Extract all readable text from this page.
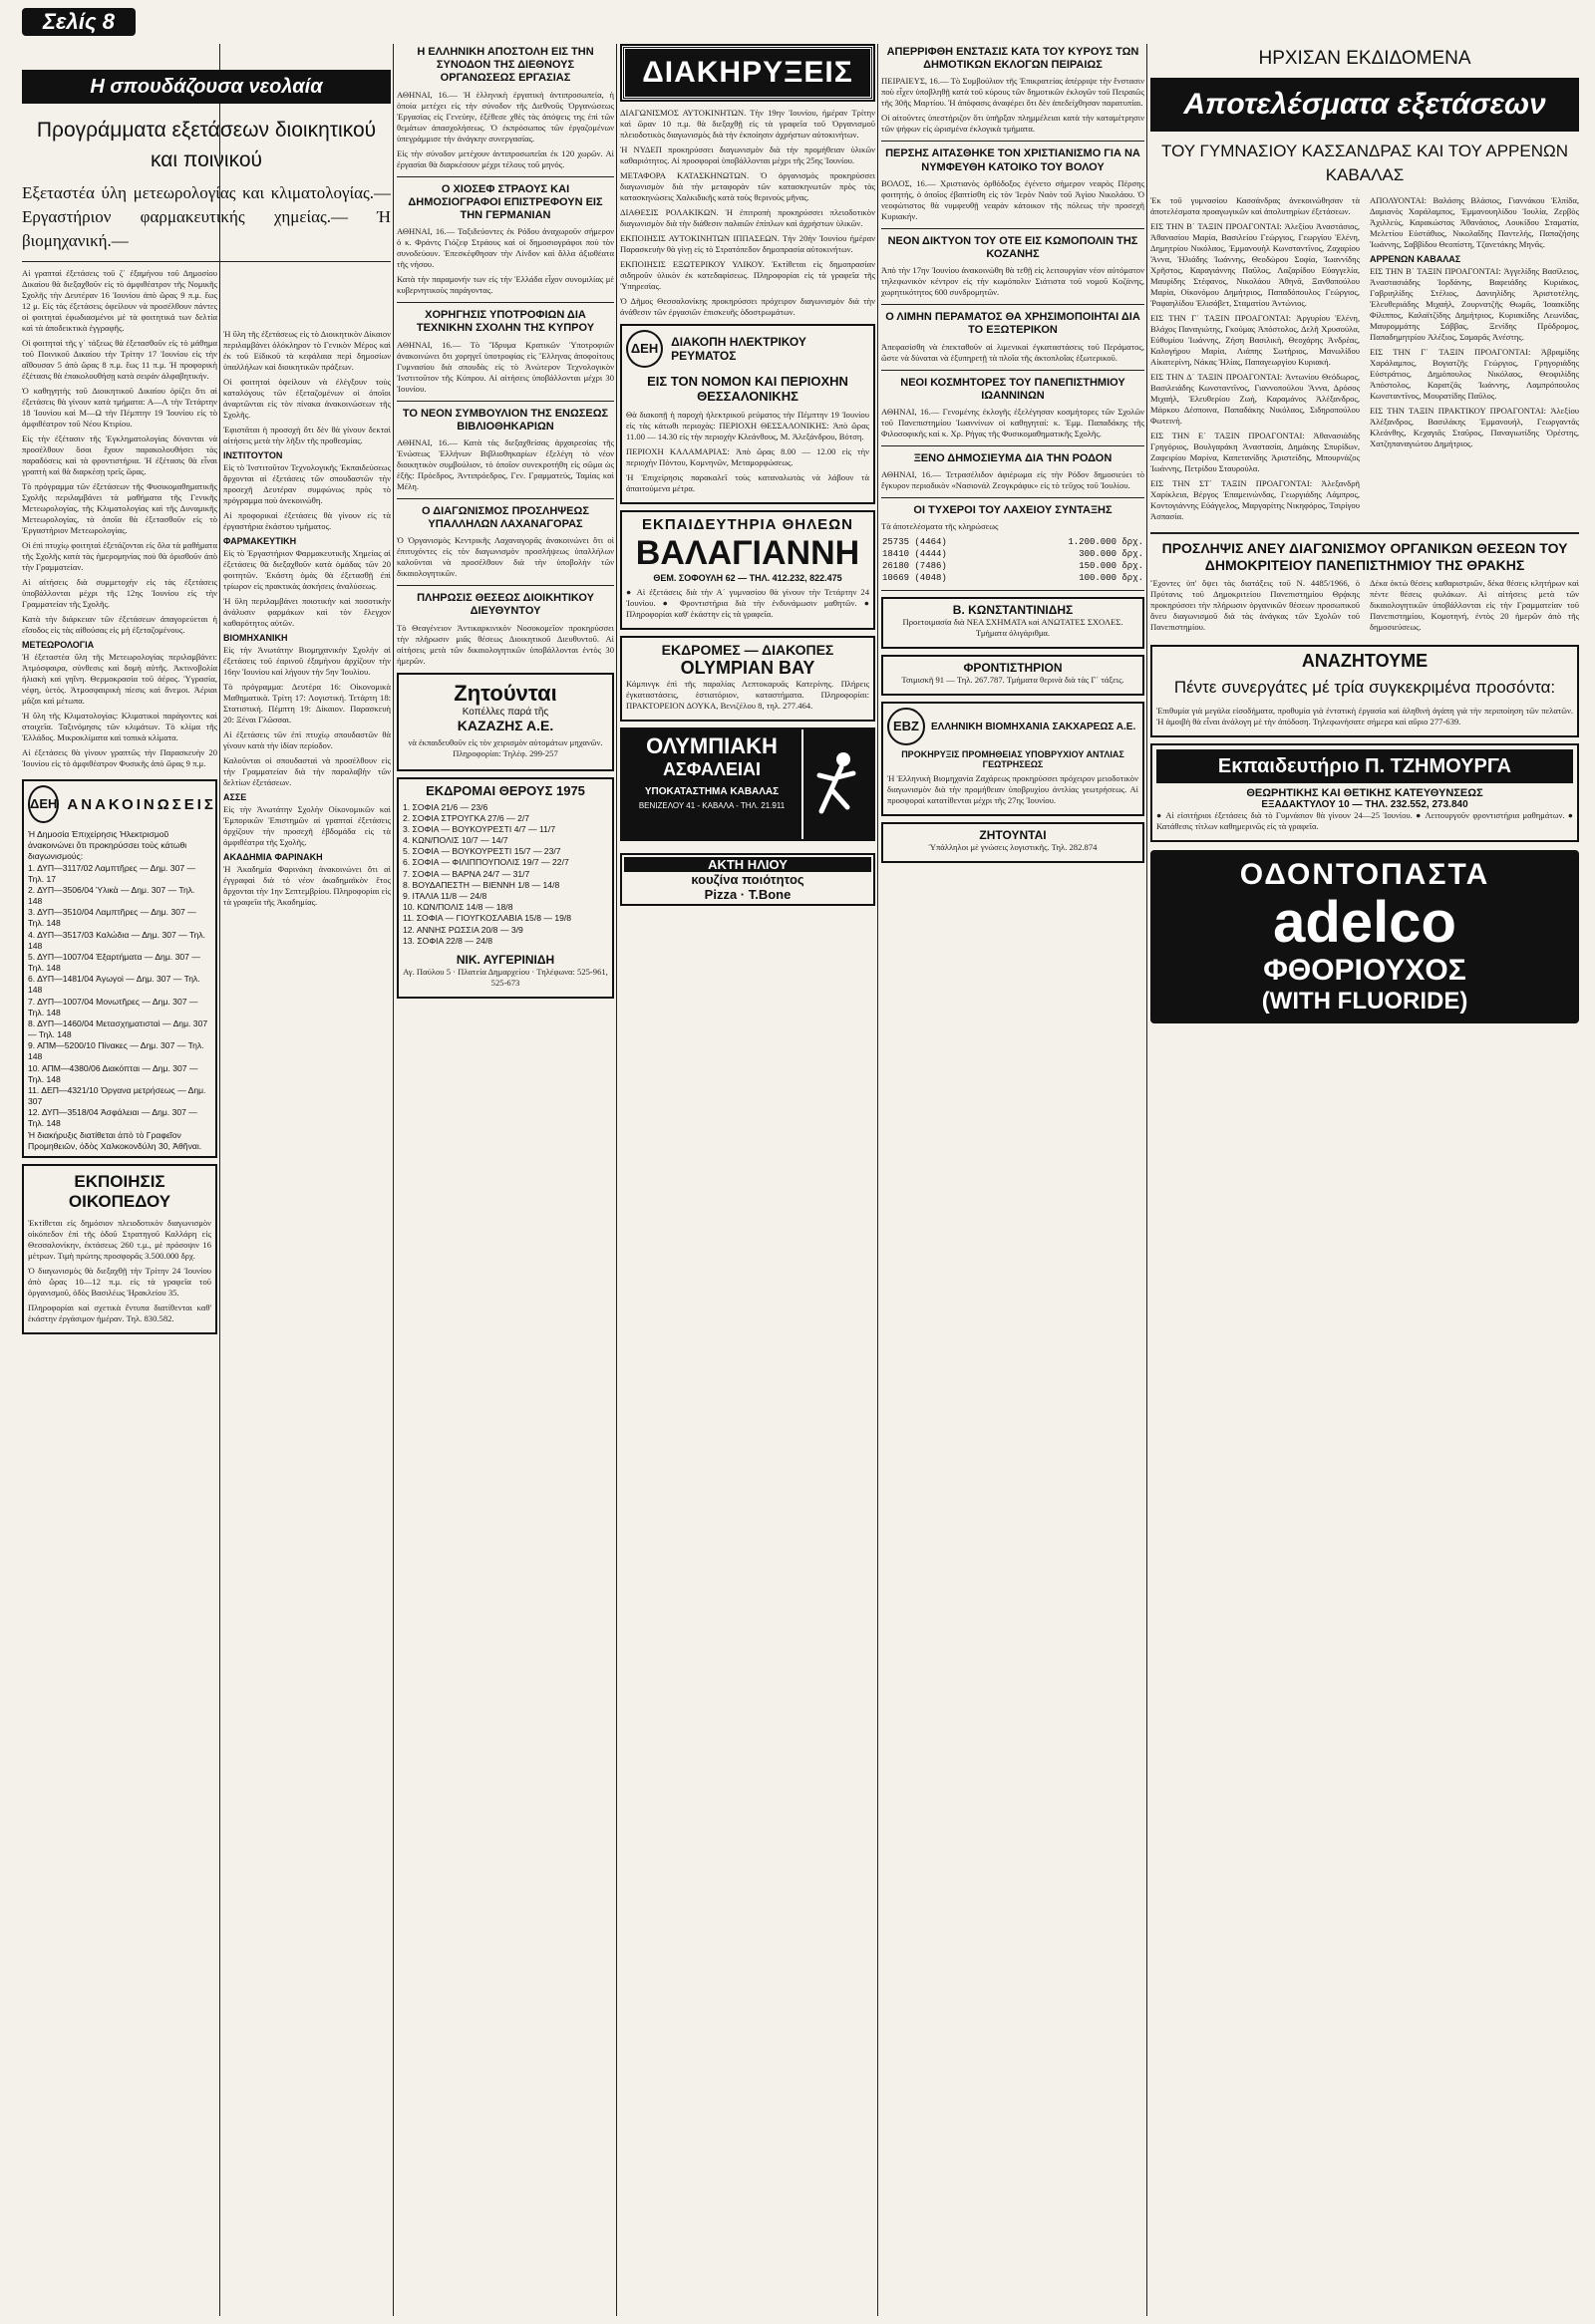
Σελίς 8
Η σπουδάζουσα νεολαία
Προγράμματα εξετάσεων διοικητικού και ποινικού
Εξεταστέα ύλη μετεωρολογίας και κλιματολογίας.—Εργαστήριον φαρμακευτικής χημείας.— Ή βιομηχανική.—

Αἱ γραπταὶ ἐξετάσεις τοῦ ζ΄ ἐξαμήνου τοῦ Δημοσίου Δικαίου θὰ διεξαχθοῦν εἰς τὸ ἀμφιθέατρον τῆς Νομικῆς Σχολῆς τὴν Δευτέραν 16 Ἰουνίου ἀπὸ ὥρας 9 π.μ. ἕως 12 μ. Εἰς τὰς ἐξετάσεις ὀφείλουν νὰ προσέλθουν πάντες οἱ φοιτηταὶ ἐφωδιασμένοι μὲ τὰ φοιτητικά των δελτία καὶ τὰ ἀποδεικτικὰ ἐγγραφῆς.

Οἱ φοιτηταὶ τῆς γ΄ τάξεως θὰ ἐξετασθοῦν εἰς τὸ μάθημα τοῦ Ποινικοῦ Δικαίου τὴν Τρίτην 17 Ἰουνίου εἰς τὴν αἴθουσαν 5 ἀπὸ ὥρας 8 π.μ. ἕως 11 π.μ. Ἡ προφορικὴ ἐξέτασις θὰ ἐπακολουθήσῃ κατὰ σειρὰν ἀλφαβητικήν.

Ὁ καθηγητὴς τοῦ Διοικητικοῦ Δικαίου ὁρίζει ὅτι αἱ ἐξετάσεις θὰ γίνουν κατὰ τμήματα: Α—Λ τὴν Τετάρτην 18 Ἰουνίου καὶ Μ—Ω τὴν Πέμπτην 19 Ἰουνίου εἰς τὸ ἀμφιθέατρον τοῦ Νέου Κτιρίου.

Εἰς τὴν ἐξέτασιν τῆς Ἐγκληματολογίας δύνανται νὰ προσέλθουν ὅσοι ἔχουν παρακολουθήσει τὰς παραδόσεις καὶ τὰ φροντιστήρια. Ἡ ἐξέτασις θὰ εἶναι γραπτὴ καὶ θὰ διαρκέσῃ τρεῖς ὥρας.

Τὸ πρόγραμμα τῶν ἐξετάσεων τῆς Φυσικομαθηματικῆς Σχολῆς περιλαμβάνει τὰ μαθήματα τῆς Γενικῆς Μετεωρολογίας, τῆς Κλιματολογίας καὶ τῆς Δυναμικῆς Μετεωρολογίας, τὰ ὁποῖα θὰ ἐξετασθοῦν εἰς τὸ Ἐργαστήριον Μετεωρολογίας.

Οἱ ἐπὶ πτυχίῳ φοιτηταὶ ἐξετάζονται εἰς ὅλα τὰ μαθήματα τῆς Σχολῆς κατὰ τὰς ἡμερομηνίας ποὺ θὰ ὁρισθοῦν ἀπὸ τὴν Γραμματείαν.

Αἱ αἰτήσεις διὰ συμμετοχὴν εἰς τὰς ἐξετάσεις ὑποβάλλονται μέχρι τῆς 12ης Ἰουνίου εἰς τὴν Γραμματείαν τῆς Σχολῆς.

Κατὰ τὴν διάρκειαν τῶν ἐξετάσεων ἀπαγορεύεται ἡ εἴσοδος εἰς τὰς αἰθούσας εἰς μὴ ἐξεταζομένους.

ΜΕΤΕΩΡΟΛΟΓΙΑ

Ἡ ἐξεταστέα ὕλη τῆς Μετεωρολογίας περιλαμβάνει: Ἀτμόσφαιρα, σύνθεσις καὶ δομὴ αὐτῆς. Ἀκτινοβολία ἡλιακὴ καὶ γηΐνη. Θερμοκρασία τοῦ ἀέρος. Ὑγρασία, νέφη, ὑετός. Ἀτμοσφαιρικὴ πίεσις καὶ ἄνεμοι. Ἀέριαι μᾶζαι καὶ μέτωπα.

Ἡ ὕλη τῆς Κλιματολογίας: Κλιματικοὶ παράγοντες καὶ στοιχεῖα. Ταξινόμησις τῶν κλιμάτων. Τὸ κλίμα τῆς Ἑλλάδος. Μικροκλίματα καὶ τοπικὰ κλίματα.

Αἱ ἐξετάσεις θὰ γίνουν γραπτῶς τὴν Παρασκευὴν 20 Ἰουνίου εἰς τὸ ἀμφιθέατρον Φυσικῆς ἀπὸ ὥρας 9 π.μ.

ΔΕΗ ΑΝΑΚΟΙΝΩΣΕΙΣ

Ἡ Δημοσία Ἐπιχείρησις Ἠλεκτρισμοῦ ἀνακοινώνει ὅτι προκηρύσσει τοὺς κάτωθι διαγωνισμούς:

1. ΔΥΠ—3117/02 Λαμπτῆρες — Δημ. 307 — Τηλ. 17

2. ΔΥΠ—3506/04 Ὑλικὰ — Δημ. 307 — Τηλ. 148

3. ΔΥΠ—3510/04 Λαμπτῆρες — Δημ. 307 — Τηλ. 148

4. ΔΥΠ—3517/03 Καλώδια — Δημ. 307 — Τηλ. 148

5. ΔΥΠ—1007/04 Ἐξαρτήματα — Δημ. 307 — Τηλ. 148

6. ΔΥΠ—1481/04 Ἀγωγοὶ — Δημ. 307 — Τηλ. 148

7. ΔΥΠ—1007/04 Μονωτῆρες — Δημ. 307 — Τηλ. 148

8. ΔΥΠ—1460/04 Μετασχηματισταὶ — Δημ. 307 — Τηλ. 148

9. ΑΠΜ—5200/10 Πίνακες — Δημ. 307 — Τηλ. 148

10. ΑΠΜ—4380/06 Διακόπται — Δημ. 307 — Τηλ. 148

11. ΔΕΠ—4321/10 Ὀργανα μετρήσεως — Δημ. 307

12. ΔΥΠ—3518/04 Ἀσφάλειαι — Δημ. 307 — Τηλ. 148

Ἡ διακήρυξις διατίθεται ἀπὸ τὸ Γραφεῖον Προμηθειῶν, ὁδὸς Χαλκοκονδύλη 30, Ἀθῆναι.

ΕΚΠΟΙΗΣΙΣ ΟΙΚΟΠΕΔΟΥ

Ἐκτίθεται εἰς δημόσιον πλειοδοτικὸν διαγωνισμὸν οἰκόπεδον ἐπὶ τῆς ὁδοῦ Στρατηγοῦ Καλλάρη εἰς Θεσσαλονίκην, ἐκτάσεως 260 τ.μ., μὲ πρόσοψιν 16 μέτρων. Τιμὴ πρώτης προσφορᾶς 3.500.000 δρχ.

Ὁ διαγωνισμὸς θὰ διεξαχθῇ τὴν Τρίτην 24 Ἰουνίου ἀπὸ ὥρας 10—12 π.μ. εἰς τὰ γραφεῖα τοῦ ὁργανισμοῦ, ὁδὸς Βασιλέως Ἡρακλείου 35.

Πληροφορίαι καὶ σχετικὰ ἔντυπα διατίθενται καθ' ἑκάστην ἐργάσιμον ἡμέραν. Τηλ. 830.582.

Ἡ ὕλη τῆς ἐξετάσεως εἰς τὸ Διοικητικὸν Δίκαιον περιλαμβάνει ὁλόκληρον τὸ Γενικὸν Μέρος καὶ ἐκ τοῦ Εἰδικοῦ τὰ κεφάλαια περὶ δημοσίων ὑπαλλήλων καὶ διοικητικῶν πράξεων.

Οἱ φοιτηταὶ ὀφείλουν νὰ ἐλέγξουν τοὺς καταλόγους τῶν ἐξεταζομένων οἱ ὁποῖοι ἀναρτῶνται εἰς τὸν πίνακα ἀνακοινώσεων τῆς Σχολῆς.

Ἐφιστᾶται ἡ προσοχὴ ὅτι δὲν θὰ γίνουν δεκταὶ αἰτήσεις μετὰ τὴν λῆξιν τῆς προθεσμίας.

ΙΝΣΤΙΤΟΥΤΟΝ

Εἰς τὸ Ἰνστιτοῦτον Τεχνολογικῆς Ἐκπαιδεύσεως ἄρχονται αἱ ἐξετάσεις τῶν σπουδαστῶν τὴν προσεχῆ Δευτέραν συμφώνως πρὸς τὸ πρόγραμμα ποὺ ἀνεκοινώθη.

Αἱ προφορικαὶ ἐξετάσεις θὰ γίνουν εἰς τὰ ἐργαστήρια ἑκάστου τμήματος.

ΦΑΡΜΑΚΕΥΤΙΚΗ

Εἰς τὸ Ἐργαστήριον Φαρμακευτικῆς Χημείας αἱ ἐξετάσεις θὰ διεξαχθοῦν κατὰ ὁμάδας τῶν 20 φοιτητῶν. Ἑκάστη ὁμὰς θὰ ἐξετασθῇ ἐπὶ τρίωρον εἰς πρακτικὰς ἀσκήσεις ἀναλύσεως.

Ἡ ὕλη περιλαμβάνει ποιοτικὴν καὶ ποσοτικὴν ἀνάλυσιν φαρμάκων καὶ τὸν ἔλεγχον καθαρότητος αὐτῶν.

ΒΙΟΜΗΧΑΝΙΚΗ

Εἰς τὴν Ἀνωτάτην Βιομηχανικὴν Σχολὴν αἱ ἐξετάσεις τοῦ ἐαρινοῦ ἐξαμήνου ἀρχίζουν τὴν 16ην Ἰουνίου καὶ λήγουν τὴν 5ην Ἰουλίου.

Τὸ πρόγραμμα: Δευτέρα 16: Οἰκονομικὰ Μαθηματικὰ. Τρίτη 17: Λογιστική. Τετάρτη 18: Στατιστική. Πέμπτη 19: Δίκαιον. Παρασκευὴ 20: Ξέναι Γλῶσσαι.

Αἱ ἐξετάσεις τῶν ἐπὶ πτυχίῳ σπουδαστῶν θὰ γίνουν κατὰ τὴν ἰδίαν περίοδον.

Καλοῦνται οἱ σπουδασταὶ νὰ προσέλθουν εἰς τὴν Γραμματείαν διὰ τὴν παραλαβὴν τῶν δελτίων ἐξετάσεων.

ΑΣΣΕ

Εἰς τὴν Ἀνωτάτην Σχολὴν Οἰκονομικῶν καὶ Ἐμπορικῶν Ἐπιστημῶν αἱ γραπταὶ ἐξετάσεις ἀρχίζουν τὴν προσεχῆ ἑβδομάδα εἰς τὰ ἀμφιθέατρα τῆς Σχολῆς.

ΑΚΑΔΗΜΙΑ ΦΑΡΙΝΑΚΗ

Ἡ Ἀκαδημία Φαρινάκη ἀνακοινώνει ὅτι αἱ ἐγγραφαὶ διὰ τὸ νέον ἀκαδημαϊκὸν ἔτος ἄρχονται τὴν 1ην Σεπτεμβρίου. Πληροφορίαι εἰς τὰ γραφεῖα τῆς Ἀκαδημίας.

Η ΕΛΛΗΝΙΚΗ ΑΠΟΣΤΟΛΗ ΕΙΣ ΤΗΝ ΣΥΝΟΔΟΝ ΤΗΣ ΔΙΕΘΝΟΥΣ ΟΡΓΑΝΩΣΕΩΣ ΕΡΓΑΣΙΑΣ

ΑΘΗΝΑΙ, 16.— Ἡ ἑλληνικὴ ἐργατικὴ ἀντιπροσωπεία, ἡ ὁποία μετέχει εἰς τὴν σύνοδον τῆς Διεθνοῦς Ὀργανώσεως Ἐργασίας εἰς Γενεύην, ἐξέθεσε χθὲς τὰς ἀπόψεις της ἐπὶ τῶν θεμάτων ἀπασχολήσεως. Ὁ ἐκπρόσωπος τῶν ἐργαζομένων ὑπεγράμμισε τὴν ἀνάγκην συνεργασίας.

Εἰς τὴν σύνοδον μετέχουν ἀντιπροσωπεῖαι ἐκ 120 χωρῶν. Αἱ ἐργασίαι θὰ διαρκέσουν μέχρι τέλους τοῦ μηνός.

Ο ΧΙΟΣΕΦ ΣΤΡΑΟΥΣ ΚΑΙ ΔΗΜΟΣΙΟΓΡΑΦΟΙ ΕΠΙΣΤΡΕΦΟΥΝ ΕΙΣ ΤΗΝ ΓΕΡΜΑΝΙΑΝ

ΑΘΗΝΑΙ, 16.— Ταξιδεύοντες ἐκ Ρόδου ἀναχωροῦν σήμερον ὁ κ. Φράντς Γιόζεφ Στράους καὶ οἱ δημοσιογράφοι ποὺ τὸν συνοδεύουν. Ἐπεσκέφθησαν τὴν Λίνδον καὶ ἄλλα ἀξιοθέατα τῆς νήσου.

Κατὰ τὴν παραμονήν των εἰς τὴν Ἑλλάδα εἶχον συνομιλίας μὲ κυβερνητικοὺς παράγοντας.

ΧΟΡΗΓΗΣΙΣ ΥΠΟΤΡΟΦΙΩΝ ΔΙΑ ΤΕΧΝΙΚΗΝ ΣΧΟΛΗΝ ΤΗΣ ΚΥΠΡΟΥ

ΑΘΗΝΑΙ, 16.— Τὸ Ἴδρυμα Κρατικῶν Ὑποτροφιῶν ἀνακοινώνει ὅτι χορηγεῖ ὑποτροφίας εἰς Ἕλληνας ἀποφοίτους Γυμνασίου διὰ σπουδὰς εἰς τὸ Ἀνώτερον Τεχνολογικὸν Ἰνστιτοῦτον τῆς Κύπρου. Αἱ αἰτήσεις ὑποβάλλονται μέχρι 30 Ἰουνίου.

ΤΟ ΝΕΟΝ ΣΥΜΒΟΥΛΙΟΝ ΤΗΣ ΕΝΩΣΕΩΣ ΒΙΒΛΙΟΘΗΚΑΡΙΩΝ

ΑΘΗΝΑΙ, 16.— Κατὰ τὰς διεξαχθείσας ἀρχαιρεσίας τῆς Ἑνώσεως Ἑλλήνων Βιβλιοθηκαρίων ἐξελέγη τὸ νέον διοικητικὸν συμβούλιον, τὸ ὁποῖον συνεκροτήθη εἰς σῶμα ὡς ἑξῆς: Πρόεδρος, Ἀντιπρόεδρος, Γεν. Γραμματεύς, Ταμίας καὶ Μέλη.

Ο ΔΙΑΓΩΝΙΣΜΟΣ ΠΡΟΣΛΗΨΕΩΣ ΥΠΑΛΛΗΛΩΝ ΛΑΧΑΝΑΓΟΡΑΣ

Ὁ Ὀργανισμὸς Κεντρικῆς Λαχαναγορᾶς ἀνακοινώνει ὅτι οἱ ἐπιτυχόντες εἰς τὸν διαγωνισμὸν προσλήψεως ὑπαλλήλων καλοῦνται νὰ προσέλθουν διὰ τὴν ὑποβολὴν τῶν δικαιολογητικῶν.

ΠΛΗΡΩΣΙΣ ΘΕΣΕΩΣ ΔΙΟΙΚΗΤΙΚΟΥ ΔΙΕΥΘΥΝΤΟΥ

Τὸ Θεαγένειον Ἀντικαρκινικὸν Νοσοκομεῖον προκηρύσσει τὴν πλήρωσιν μιᾶς θέσεως Διοικητικοῦ Διευθυντοῦ. Αἱ αἰτήσεις μετὰ τῶν δικαιολογητικῶν ὑποβάλλονται ἐντὸς 30 ἡμερῶν.

Ζητούνται
Κοπέλλες παρά τῆς
ΚΑΖΑΖΗΣ Α.Ε.

νὰ ἐκπαιδευθοῦν εἰς τὸν χειρισμὸν αὐτομάτων μηχανῶν. Πληροφορίαι: Τηλέφ. 299-257

ΕΚΔΡΟΜΑΙ ΘΕΡΟΥΣ 1975

1. ΣΟΦΙΑ 21/6 — 23/6

2. ΣΟΦΙΑ ΣΤΡΟΥΓΚΑ 27/6 — 2/7

3. ΣΟΦΙΑ — ΒΟΥΚΟΥΡΕΣΤΙ 4/7 — 11/7

4. ΚΩΝ/ΠΟΛΙΣ 10/7 — 14/7

5. ΣΟΦΙΑ — ΒΟΥΚΟΥΡΕΣΤΙ 15/7 — 23/7

6. ΣΟΦΙΑ — ΦΙΛΙΠΠΟΥΠΟΛΙΣ 19/7 — 22/7

7. ΣΟΦΙΑ — ΒΑΡΝΑ 24/7 — 31/7

8. ΒΟΥΔΑΠΕΣΤΗ — ΒΙΕΝΝΗ 1/8 — 14/8

9. ΙΤΑΛΙΑ 11/8 — 24/8

10. ΚΩΝ/ΠΟΛΙΣ 14/8 — 18/8

11. ΣΟΦΙΑ — ΓΙΟΥΓΚΟΣΛΑΒΙΑ 15/8 — 19/8

12. ΑΝΝΗΣ ΡΩΣΣΙΑ 20/8 — 3/9

13. ΣΟΦΙΑ 22/8 — 24/8

ΝΙΚ. ΑΥΓΕΡΙΝΙΔΗ

Αγ. Παύλου 5 · Πλατεία Δημαρχείου · Τηλέφωνα: 525-961, 525-673

ΔΙΑΚΗΡΥΞΕΙΣ

ΔΙΑΓΩΝΙΣΜΟΣ ΑΥΤΟΚΙΝΗΤΩΝ. Τὴν 19ην Ἰουνίου, ἡμέραν Τρίτην καὶ ὥραν 10 π.μ. θὰ διεξαχθῇ εἰς τὰ γραφεῖα τοῦ Ὀργανισμοῦ πλειοδοτικὸς διαγωνισμὸς διὰ τὴν ἐκποίησιν ἀχρήστων αὐτοκινήτων.

Ἡ ΝΥΔΕΠ προκηρύσσει διαγωνισμὸν διὰ τὴν προμήθειαν ὑλικῶν καθαριότητος. Αἱ προσφοραὶ ὑποβάλλονται μέχρι τῆς 25ης Ἰουνίου.

ΜΕΤΑΦΟΡΑ ΚΑΤΑΣΚΗΝΩΤΩΝ. Ὁ ὀργανισμὸς προκηρύσσει διαγωνισμὸν διὰ τὴν μεταφορὰν τῶν κατασκηνωτῶν πρὸς τὰς κατασκηνώσεις Χαλκιδικῆς κατὰ τοὺς θερινοὺς μῆνας.

ΔΙΑΘΕΣΙΣ ΡΟΛΑΚΙΚΩΝ. Ἡ ἐπιτροπὴ προκηρύσσει πλειοδοτικὸν διαγωνισμὸν διὰ τὴν διάθεσιν παλαιῶν ἐπίπλων καὶ ἀχρήστων ὑλικῶν.

ΕΚΠΟΙΗΣΙΣ ΑΥΤΟΚΙΝΗΤΩΝ ΙΠΠΑΣΕΩΝ. Τὴν 20ὴν Ἰουνίου ἡμέραν Παρασκευὴν θὰ γίνῃ εἰς τὸ Στρατόπεδον δημοπρασία αὐτοκινήτων.

ΕΚΠΟΙΗΣΙΣ ΕΞΩΤΕΡΙΚΟΥ ΥΛΙΚΟΥ. Ἐκτίθεται εἰς δημοπρασίαν σιδηροῦν ὑλικὸν ἐκ κατεδαφίσεως. Πληροφορίαι εἰς τὰ γραφεῖα τῆς Ὑπηρεσίας.

Ὁ Δῆμος Θεσσαλονίκης προκηρύσσει πρόχειρον διαγωνισμὸν διὰ τὴν ἀνάθεσιν τῶν ἐργασιῶν ἐπισκευῆς ὁδοστρωμάτων.

ΔΕΗ	ΔΙΑΚΟΠΗ ΗΛΕΚΤΡΙΚΟΥ ΡΕΥΜΑΤΟΣ
ΕΙΣ ΤΟΝ ΝΟΜΟΝ ΚΑΙ ΠΕΡΙΟΧΗΝ ΘΕΣΣΑΛΟΝΙΚΗΣ

Θὰ διακοπῇ ἡ παροχὴ ἠλεκτρικοῦ ρεύματος τὴν Πέμπτην 19 Ἰουνίου εἰς τὰς κάτωθι περιοχὰς: ΠΕΡΙΟΧΗ ΘΕΣΣΑΛΟΝΙΚΗΣ: Ἀπὸ ὥρας 11.00 — 14.30 εἰς τὴν περιοχὴν Κλεάνθους, Μ. Ἀλεξάνδρου, Βότση.

ΠΕΡΙΟΧΗ ΚΑΛΑΜΑΡΙΑΣ: Ἀπὸ ὥρας 8.00 — 12.00 εἰς τὴν περιοχὴν Πόντου, Κομνηνῶν, Μεταμορφώσεως.

Ἡ Ἐπιχείρησις παρακαλεῖ τοὺς καταναλωτὰς νὰ λάβουν τὰ ἀπαιτούμενα μέτρα.

ΕΚΠΑΙΔΕΥΤΗΡΙΑ ΘΗΛΕΩΝ
ΒΑΛΑΓΙΑΝΝΗ
ΘΕΜ. ΣΟΦΟΥΛΗ 62 — ΤΗΛ. 412.232, 822.475

● Αἱ ἐξετάσεις διὰ τὴν Α΄ γυμνασίου θὰ γίνουν τὴν Τετάρτην 24 Ἰουνίου. ● Φροντιστήρια διὰ τὴν ἐνδυνάμωσιν μαθητῶν. ● Πληροφορίαι καθ' ἑκάστην εἰς τὰ γραφεῖα.

ΕΚΔΡΟΜΕΣ — ΔΙΑΚΟΠΕΣ
OLYMPIAN BAY

Κάμπινγκ ἐπὶ τῆς παραλίας Λεπτοκαρυᾶς Κατερίνης. Πλήρεις ἐγκαταστάσεις, ἑστιατόριον, καταστήματα. Πληροφορίαι: ΠΡΑΚΤΟΡΕΙΟΝ ΔΟΥΚΑ, Βενιζέλου 8, τηλ. 277.464.

ΟΛΥΜΠΙΑΚΗ
ΑΣΦΑΛΕΙΑΙ
ΥΠΟΚΑΤΑΣΤΗΜΑ ΚΑΒΑΛΑΣ
ΒΕΝΙΖΕΛΟΥ 41 - ΚΑΒΑΛΑ - ΤΗΛ. 21.911
ΑΚΤΗ ΗΛΙΟΥ
κουζίνα ποιότητος
Pizza · T.Bone
ΑΠΕΡΡΙΦΘΗ ΕΝΣΤΑΣΙΣ ΚΑΤΑ ΤΟΥ ΚΥΡΟΥΣ ΤΩΝ ΔΗΜΟΤΙΚΩΝ ΕΚΛΟΓΩΝ ΠΕΙΡΑΙΩΣ

ΠΕΙΡΑΙΕΥΣ, 16.— Τὸ Συμβούλιον τῆς Ἐπικρατείας ἀπέρριψε τὴν ἔνστασιν ποὺ εἶχεν ὑποβληθῇ κατὰ τοῦ κύρους τῶν δημοτικῶν ἐκλογῶν τοῦ Πειραιῶς τῆς 30ῆς Μαρτίου. Ἡ ἀπόφασις ἀναφέρει ὅτι δὲν ἀπεδείχθησαν παρατυπίαι.

Οἱ αἰτοῦντες ὑπεστήριζον ὅτι ὑπῆρξαν πλημμέλειαι κατὰ τὴν καταμέτρησιν τῶν ψήφων εἰς ὡρισμένα ἐκλογικὰ τμήματα.

ΠΕΡΣΗΣ ΑΙΤΑΣΘΗΚΕ ΤΟΝ ΧΡΙΣΤΙΑΝΙΣΜΟ ΓΙΑ ΝΑ ΝΥΜΦΕΥΘΗ ΚΑΤΟΙΚΟ ΤΟΥ ΒΟΛΟΥ

ΒΟΛΟΣ, 16.— Χριστιανὸς ὀρθόδοξος ἐγένετο σήμερον νεαρὸς Πέρσης φοιτητής, ὁ ὁποῖος ἐβαπτίσθη εἰς τὸν Ἱερὸν Ναὸν τοῦ Ἁγίου Νικολάου. Ὁ νεοφώτιστος θὰ νυμφευθῇ νεαρὰν κάτοικον τῆς πόλεως τὴν προσεχῆ Κυριακήν.

ΝΕΟΝ ΔΙΚΤΥΟΝ ΤΟΥ ΟΤΕ ΕΙΣ ΚΩΜΟΠΟΛΙΝ ΤΗΣ ΚΟΖΑΝΗΣ

Ἀπὸ τὴν 17ην Ἰουνίου ἀνακοινώθη θὰ τεθῇ εἰς λειτουργίαν νέον αὐτόματον τηλεφωνικὸν κέντρον εἰς τὴν κωμόπολιν Σιάτιστα τοῦ νομοῦ Κοζάνης, χωρητικότητος 600 συνδρομητῶν.

Ο ΛΙΜΗΝ ΠΕΡΑΜΑΤΟΣ ΘΑ ΧΡΗΣΙΜΟΠΟΙΗΤΑΙ ΔΙΑ ΤΟ ΕΞΩΤΕΡΙΚΟΝ

Ἀπεφασίσθη νὰ ἐπεκταθοῦν αἱ λιμενικαὶ ἐγκαταστάσεις τοῦ Περάματος, ὥστε νὰ δύναται νὰ ἐξυπηρετῇ τὰ πλοῖα τῆς ἀκτοπλοΐας ἐξωτερικοῦ.

ΝΕΟΙ ΚΟΣΜΗΤΟΡΕΣ ΤΟΥ ΠΑΝΕΠΙΣΤΗΜΙΟΥ ΙΩΑΝΝΙΝΩΝ

ΑΘΗΝΑΙ, 16.— Γενομένης ἐκλογῆς ἐξελέγησαν κοσμήτορες τῶν Σχολῶν τοῦ Πανεπιστημίου Ἰωαννίνων οἱ καθηγηταί: κ. Ἐμμ. Παπαδάκης τῆς Φιλοσοφικῆς καὶ κ. Χρ. Ρήγας τῆς Φυσικομαθηματικῆς Σχολῆς.

ΞΕΝΟ ΔΗΜΟΣΙΕΥΜΑ ΔΙΑ ΤΗΝ ΡΟΔΟΝ

ΑΘΗΝΑΙ, 16.— Τετρασέλιδον ἀφιέρωμα εἰς τὴν Ρόδον δημοσιεύει τὸ ἔγκυρον περιοδικὸν «Νασιονάλ Ζεογκράφικ» εἰς τὸ τεῦχος τοῦ Ἰουλίου.

ΟΙ ΤΥΧΕΡΟΙ ΤΟΥ ΛΑΧΕΙΟΥ ΣΥΝΤΑΞΗΣ

Τὰ ἀποτελέσματα τῆς κληρώσεως

25735 (4464)	1.200.000 δρχ.
18410 (4444)	300.000 δρχ.
26180 (7486)	150.000 δρχ.
10669 (4048)	100.000 δρχ.
Β. ΚΩΝΣΤΑΝΤΙΝΙΔΗΣ

Προετοιμασία διὰ ΝΕΑ ΣΧΗΜΑΤΑ καὶ ΑΝΩΤΑΤΕΣ ΣΧΟΛΕΣ. Τμήματα ὀλιγάριθμα.

ΦΡΟΝΤΙΣΤΗΡΙΟΝ

Τσιμισκῆ 91 — Τηλ. 267.787. Τμήματα θερινὰ διὰ τὰς Γ΄ τάξεις.

ΕΒΖ	ΕΛΛΗΝΙΚΗ ΒΙΟΜΗΧΑΝΙΑ ΣΑΚΧΑΡΕΩΣ Α.Ε.
ΠΡΟΚΗΡΥΞΙΣ ΠΡΟΜΗΘΕΙΑΣ ΥΠΟΒΡΥΧΙΟΥ ΑΝΤΛΙΑΣ ΓΕΩΤΡΗΣΕΩΣ

Ἡ Ἑλληνικὴ Βιομηχανία Ζαχάρεως προκηρύσσει πρόχειρον μειοδοτικὸν διαγωνισμὸν διὰ τὴν προμήθειαν ὑποβρυχίου ἀντλίας γεωτρήσεως. Αἱ προσφοραὶ κατατίθενται μέχρι τῆς 27ης Ἰουνίου.

ΖΗΤΟΥΝΤΑΙ

Ὑπάλληλοι μὲ γνώσεις λογιστικῆς. Τηλ. 282.874

ΗΡΧΙΣΑΝ ΕΚΔΙΔΟΜΕΝΑ
Αποτελέσματα εξετάσεων
ΤΟΥ ΓΥΜΝΑΣΙΟΥ ΚΑΣΣΑΝΔΡΑΣ ΚΑΙ ΤΟΥ ΑΡΡΕΝΩΝ ΚΑΒΑΛΑΣ

Ἐκ τοῦ γυμνασίου Κασσάνδρας ἀνεκοινώθησαν τὰ ἀποτελέσματα προαγωγικῶν καὶ ἀπολυτηρίων ἐξετάσεων.

ΕΙΣ ΤΗΝ Β΄ ΤΑΞΙΝ ΠΡΟΑΓΟΝΤΑΙ: Ἀλεξίου Ἀναστάσιος, Ἀθανασίου Μαρία, Βασιλείου Γεώργιος, Γεωργίου Ἑλένη, Δημητρίου Νικόλαος, Ἐμμανουὴλ Κωνσταντῖνος, Ζαχαρίου Ἄννα, Ἠλιάδης Ἰωάννης, Θεοδώρου Σοφία, Ἰωαννίδης Χρῆστος, Καραγιάννης Παῦλος, Λαζαρίδου Εὐαγγελία, Μαυρίδης Στέφανος, Νικολάου Ἀθηνᾶ, Ξανθοπούλου Μαρία, Οἰκονόμου Δημήτριος, Παπαδόπουλος Γεώργιος, Ῥαφαηλίδου Ἐλισάβετ, Σταματίου Ἀντώνιος.

ΕΙΣ ΤΗΝ Γ΄ ΤΑΞΙΝ ΠΡΟΑΓΟΝΤΑΙ: Ἀργυρίου Ἑλένη, Βλάχος Παναγιώτης, Γκούμας Ἀπόστολος, Δελῆ Χρυσούλα, Εὐθυμίου Ἰωάννης, Ζήση Βασιλικὴ, Θεοχάρης Ἀνδρέας, Καλογήρου Μαρία, Λιάπης Σωτήριος, Μανωλίδου Αἰκατερίνη, Νάκας Ἠλίας, Παπαγεωργίου Κυριακή.

ΕΙΣ ΤΗΝ Δ΄ ΤΑΞΙΝ ΠΡΟΑΓΟΝΤΑΙ: Ἀντωνίου Θεόδωρος, Βασιλειάδης Κωνσταντῖνος, Γιαννοπούλου Ἄννα, Δρόσος Μιχαήλ, Ἐλευθερίου Ζωή, Καραμάνος Ἀλέξανδρος, Μάρκου Δέσποινα, Παπαδάκης Νικόλαος, Σιδηροπούλου Φωτεινὴ.

ΕΙΣ ΤΗΝ Ε΄ ΤΑΞΙΝ ΠΡΟΑΓΟΝΤΑΙ: Ἀθανασιάδης Γρηγόριος, Βουλγαράκη Ἀναστασία, Δημάκης Σπυρίδων, Ζαφειρίου Μαρίνα, Καπετανίδης Ἀριστείδης, Μπουρνάζος Ἰωάννης, Πετρίδου Σταυρούλα.

ΕΙΣ ΤΗΝ ΣΤ΄ ΤΑΞΙΝ ΠΡΟΑΓΟΝΤΑΙ: Ἀλεξανδρῆ Χαρίκλεια, Βέργος Ἐπαμεινώνδας, Γεωργιάδης Λάμπρος, Κοντογιάννης Εὐάγγελος, Μαργαρίτης Νικηφόρος, Τσιρίγου Ἀσπασία.

ΑΠΟΛΥΟΝΤΑΙ: Βαλάσης Βλάσιος, Γιαννάκου Ἐλπίδα, Δαμιανὸς Χαράλαμπος, Ἐμμανουηλίδου Ἰουλία, Ζερβὸς Ἀχιλλεύς, Καρακώστας Ἀθανάσιος, Λουκίδου Σταματία, Μελετίου Εὐστάθιος, Νικολαΐδης Παντελής, Παπαζήσης Ἰωάννης, Σαββίδου Θεοπίστη, Τζανετάκης Μηνᾶς.

ΑΡΡΕΝΩΝ ΚΑΒΑΛΑΣ

ΕΙΣ ΤΗΝ Β΄ ΤΑΞΙΝ ΠΡΟΑΓΟΝΤΑΙ: Ἀγγελίδης Βασίλειος, Ἀναστασιάδης Ἰορδάνης, Βαφειάδης Κυριάκος, Γαβριηλίδης Στέλιος, Δανιηλίδης Ἀριστοτέλης, Ἐλευθεριάδης Μιχαήλ, Ζουρνατζῆς Θωμᾶς, Ἰσαακίδης Φίλιππος, Καλαϊτζίδης Δημήτριος, Κυριακίδης Λεωνίδας, Μαυρομμάτης Σάββας, Ξενίδης Πρόδρομος, Παπαδημητρίου Ἀλέξιος, Σαμαρᾶς Ἀνέστης.

ΕΙΣ ΤΗΝ Γ΄ ΤΑΞΙΝ ΠΡΟΑΓΟΝΤΑΙ: Ἀβραμίδης Χαράλαμπος, Βογιατζῆς Γεώργιος, Γρηγοριάδης Εὐστράτιος, Δημόπουλος Νικόλαος, Θεοφιλίδης Ἀπόστολος, Καρατζᾶς Ἰωάννης, Λαμπρόπουλος Κωνσταντῖνος, Μουρατίδης Παῦλος.

ΕΙΣ ΤΗΝ ΤΑΞΙΝ ΠΡΑΚΤΙΚΟΥ ΠΡΟΑΓΟΝΤΑΙ: Ἀλεξίου Ἀλέξανδρος, Βασιλάκης Ἐμμανουήλ, Γεωργαντᾶς Κλεάνθης, Κεχαγιᾶς Σταῦρος, Παναγιωτίδης Ὀρέστης, Χατζηπαναγιώτου Δημήτριος.

ΠΡΟΣΛΗΨΙΣ ΑΝΕΥ ΔΙΑΓΩΝΙΣΜΟΥ ΟΡΓΑΝΙΚΩΝ ΘΕΣΕΩΝ ΤΟΥ ΔΗΜΟΚΡΙΤΕΙΟΥ ΠΑΝΕΠΙΣΤΗΜΙΟΥ ΤΗΣ ΘΡΑΚΗΣ

Ἔχοντες ὑπ' ὄψει τὰς διατάξεις τοῦ Ν. 4485/1966, ὁ Πρύτανις τοῦ Δημοκριτείου Πανεπιστημίου Θρᾴκης προκηρύσσει τὴν πλήρωσιν ὀργανικῶν θέσεων προσωπικοῦ ἄνευ διαγωνισμοῦ διὰ τὰς ἀνάγκας τῶν Σχολῶν τοῦ Πανεπιστημίου.

Δέκα ὀκτὼ θέσεις καθαριστριῶν, δέκα θέσεις κλητήρων καὶ πέντε θέσεις φυλάκων. Αἱ αἰτήσεις μετὰ τῶν δικαιολογητικῶν ὑποβάλλονται εἰς τὴν Γραμματείαν τοῦ Πανεπιστημίου, Κομοτηνή, ἐντὸς 20 ἡμερῶν ἀπὸ τῆς δημοσιεύσεως.

ΑΝΑΖΗΤΟΥΜΕ
Πέντε συνεργάτες μέ τρία συγκεκριμένα προσόντα:

Ἐπιθυμία γιὰ μεγάλα εἰσοδήματα, προθυμία γιὰ ἐντατικὴ ἐργασία καὶ ἀληθινὴ ἀγάπη γιὰ τὴν περιποίηση τῶν πελατῶν. Ἡ ἀμοιβὴ θὰ εἶναι ἀνάλογη μὲ τὴν ἀπόδοση. Τηλεφωνήσατε σήμερα καὶ αὔριο 277-639.

Εκπαιδευτήριο Π. ΤΖΗΜΟΥΡΓΑ
ΘΕΩΡΗΤΙΚΗΣ ΚΑΙ ΘΕΤΙΚΗΣ ΚΑΤΕΥΘΥΝΣΕΩΣ
ΕΞΑΔΑΚΤΥΛΟΥ 10 — ΤΗΛ. 232.552, 273.840

● Αἱ εἰσιτήριοι ἐξετάσεις διὰ τὸ Γυμνάσιον θὰ γίνουν 24—25 Ἰουνίου. ● Λειτουργοῦν φροντιστήρια μαθημάτων. ● Κατάθεσις τίτλων καθημερινῶς εἰς τὰ γραφεῖα.

ΟΔΟΝΤΟΠΑΣΤΑ
adelco
ΦΘΟΡΙΟΥΧΟΣ
(WITH FLUORIDE)
